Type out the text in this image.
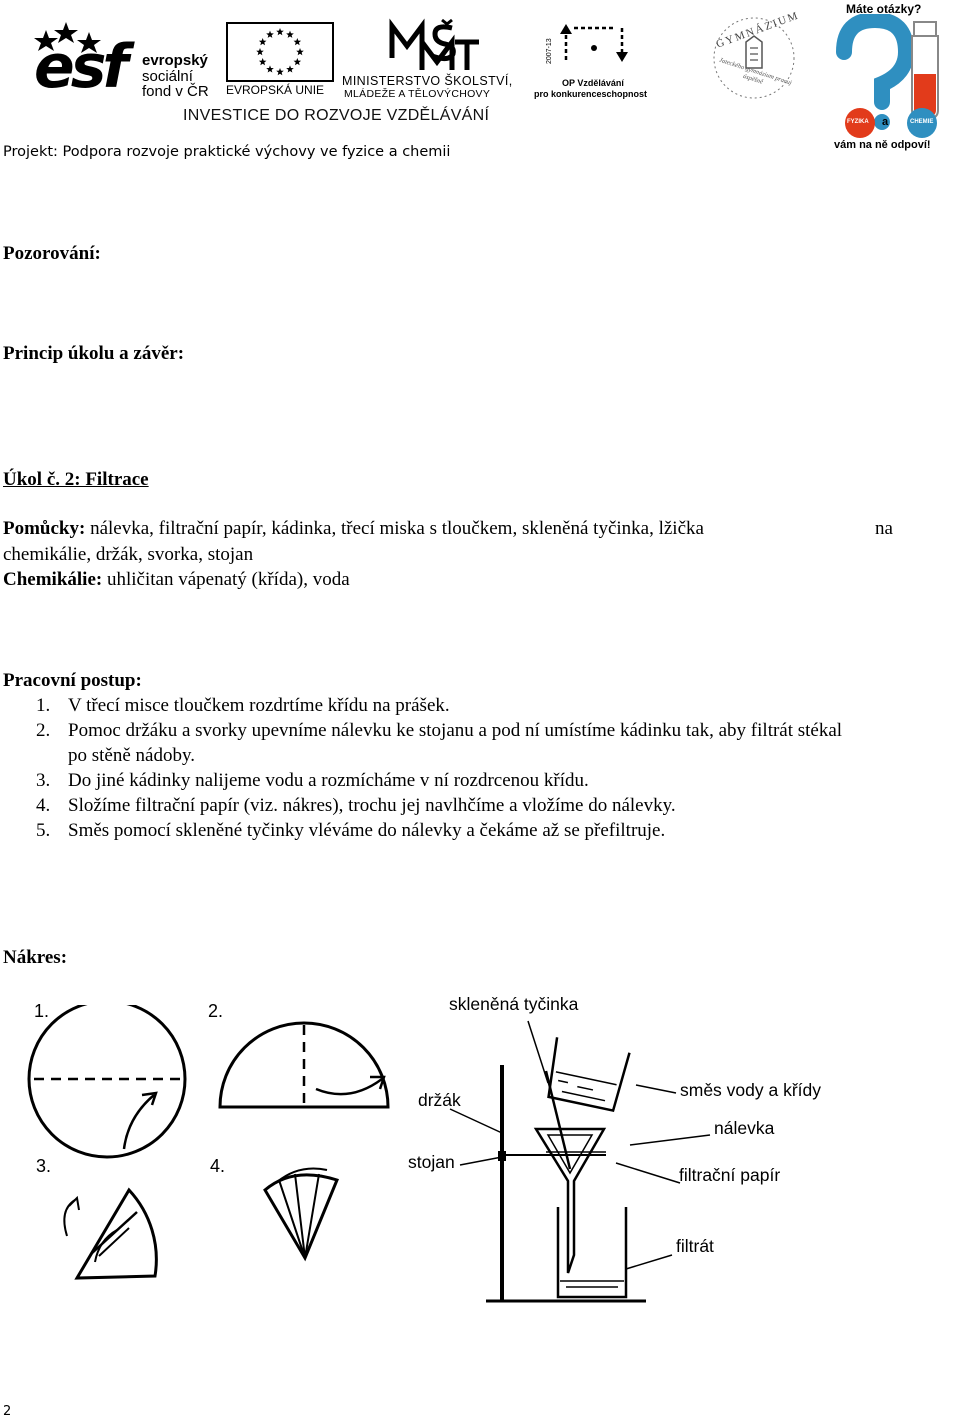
esf evropský
sociální
fond v ČR EVROPSKÁ UNIE
MINISTERSTVO ŠKOLSTVÍ,
MLÁDEŽE A TĚLOVÝCHOVY
2007-13
OP Vzdělávání
pro konkurenceschopnost
GYMNÁZIUM
Jateckého gymnázium pracuj úspěšně
Máte otázky?
FYZIKA a	CHEMIE
vám na ně odpoví!
INVESTICE DO ROZVOJE VZDĚLÁVÁNÍ
Projekt: Podpora rozvoje praktické výchovy ve fyzice a chemii
Pozorování:
Princip úkolu a závěr:
Úkol č. 2: Filtrace
Pomůcky: nálevka, filtrační papír, kádinka, třecí miska s tloučkem, skleněná tyčinka, lžička	na
chemikálie, držák, svorka, stojan
Chemikálie: uhličitan vápenatý (křída), voda
Pracovní postup:
1. V třecí misce tloučkem rozdrtíme křídu na prášek.
2. Pomoc držáku a svorky upevníme nálevku ke stojanu a pod ní umístíme kádinku tak, aby filtrát stékal
po stěně nádoby.
3. Do jiné kádinky nalijeme vodu a rozmícháme v ní rozdrcenou křídu.
4. Složíme filtrační papír (viz. nákres), trochu jej navlhčíme a vložíme do nálevky.
5. Směs pomocí skleněné tyčinky vléváme do nálevky a čekáme až se přefiltruje.
Nákres:
1.	2.
3.	4.
skleněná tyčinka
směs vody a křídy
držák
nálevka
stojan
filtrační papír
filtrát
2
